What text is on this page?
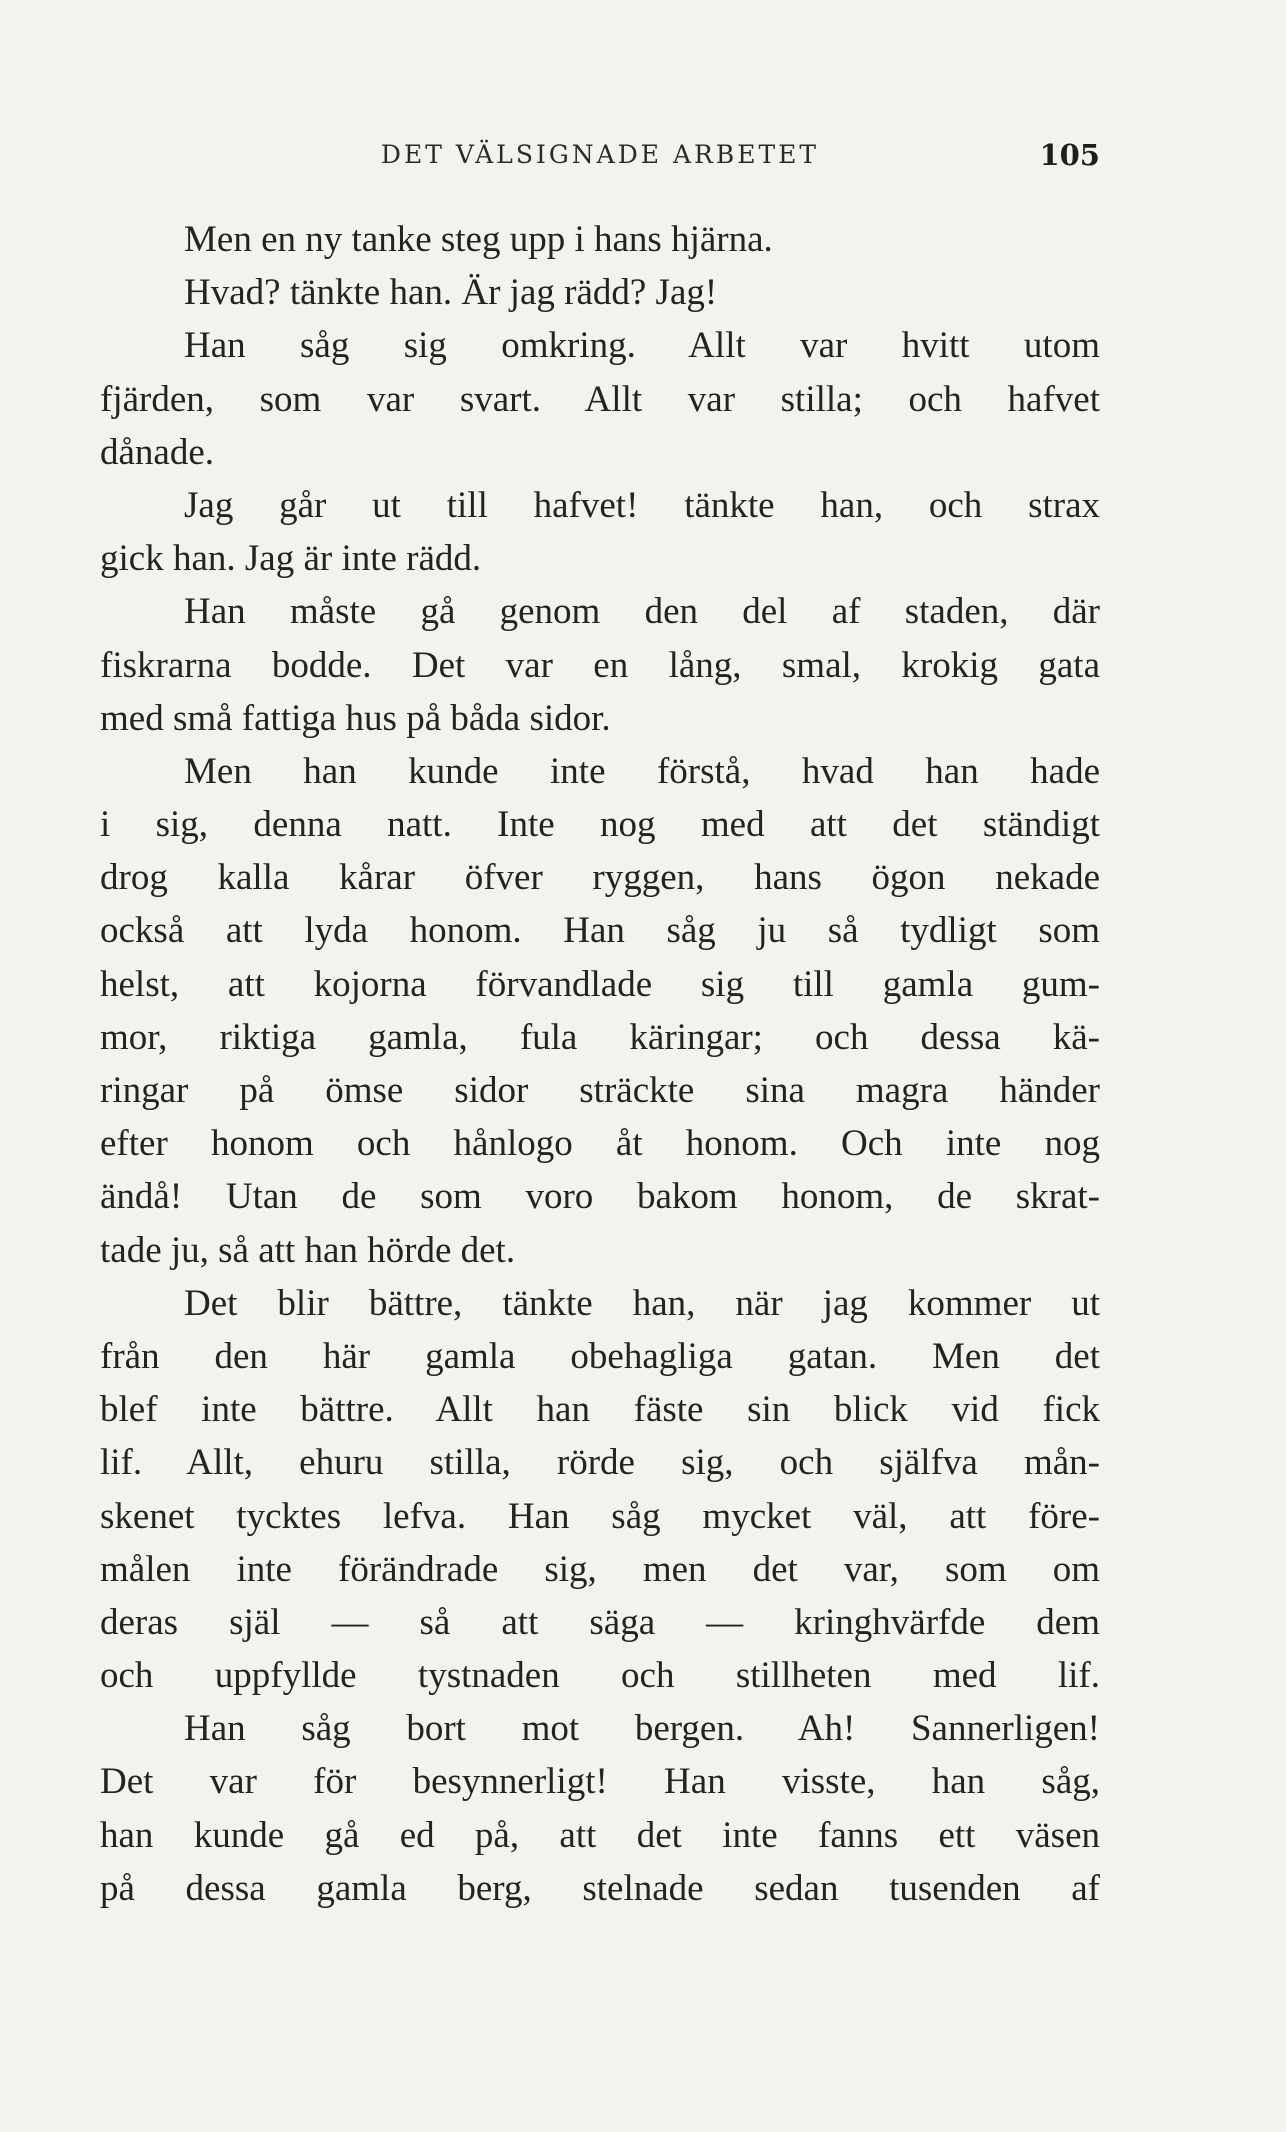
DET VÄLSIGNADE ARBETET	105
Men en ny tanke steg upp i hans hjärna.
Hvad? tänkte han. Är jag rädd? Jag!
Han såg sig omkring. Allt var hvitt utom
fjärden, som var svart. Allt var stilla; och hafvet
dånade.
Jag går ut till hafvet! tänkte han, och strax
gick han. Jag är inte rädd.
Han måste gå genom den del af staden, där
fiskrarna bodde. Det var en lång, smal, krokig gata
med små fattiga hus på båda sidor.
Men han kunde inte förstå, hvad han hade
i sig, denna natt. Inte nog med att det ständigt
drog kalla kårar öfver ryggen, hans ögon nekade
också att lyda honom. Han såg ju så tydligt som
helst, att kojorna förvandlade sig till gamla gum-
mor, riktiga gamla, fula käringar; och dessa kä-
ringar på ömse sidor sträckte sina magra händer
efter honom och hånlogo åt honom. Och inte nog
ändå! Utan de som voro bakom honom, de skrat-
tade ju, så att han hörde det.
Det blir bättre, tänkte han, när jag kommer ut
från den här gamla obehagliga gatan. Men det
blef inte bättre. Allt han fäste sin blick vid fick
lif. Allt, ehuru stilla, rörde sig, och själfva mån-
skenet tycktes lefva. Han såg mycket väl, att före-
målen inte förändrade sig, men det var, som om
deras själ — så att säga — kringhvärfde dem
och uppfyllde tystnaden och stillheten med lif.
Han såg bort mot bergen. Ah! Sannerligen!
Det var för besynnerligt! Han visste, han såg,
han kunde gå ed på, att det inte fanns ett väsen
på dessa gamla berg, stelnade sedan tusenden af
